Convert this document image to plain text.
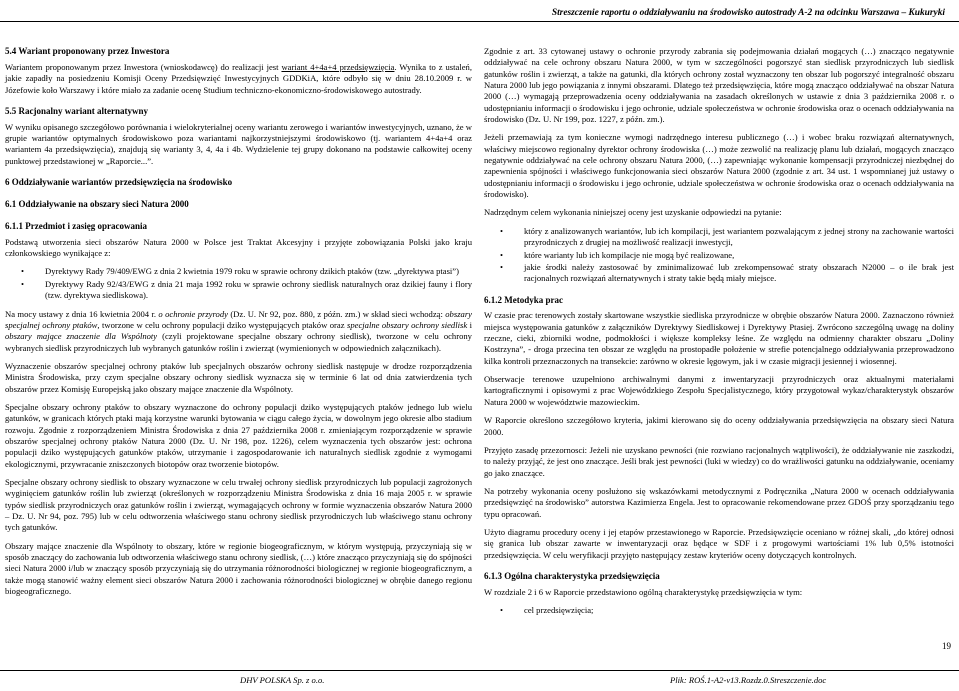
Streszczenie raportu o oddziaływaniu na środowisko autostrady A-2 na odcinku Warszawa – Kukuryki
5.4 Wariant proponowany przez Inwestora

Wariantem proponowanym przez Inwestora (wnioskodawcę) do realizacji jest wariant 4+4a+4 przedsięwzięcia. Wynika to z ustaleń, jakie zapadły na posiedzeniu Komisji Oceny Przedsięwzięć Inwestycyjnych GDDKiA, które odbyło się w dniu 28.10.2009 r. w Józefowie koło Warszawy i które miało za zadanie ocenę Studium techniczno-ekonomiczno-środowiskowego autostrady.

5.5 Racjonalny wariant alternatywny

W wyniku opisanego szczegółowo porównania i wielokryterialnej oceny wariantu zerowego i wariantów inwestycyjnych, uznano, że w grupie wariantów optymalnych środowiskowo poza wariantami najkorzystniejszymi środowiskowo (tj. wariantem 4+4a+4 oraz wariantem 4a przedsięwzięcia), znajdują się warianty 3, 4, 4a i 4b. Wydzielenie tej grupy dokonano na podstawie całkowitej oceny punktowej przedstawionej w „Raporcie...”.

6 Oddziaływanie wariantów przedsięwzięcia na środowisko
6.1 Oddziaływanie na obszary sieci Natura 2000
6.1.1 Przedmiot i zasięg opracowania

Podstawą utworzenia sieci obszarów Natura 2000 w Polsce jest Traktat Akcesyjny i przyjęte zobowiązania Polski jako kraju członkowskiego wynikające z:

• Dyrektywy Rady 79/409/EWG z dnia 2 kwietnia 1979 roku w sprawie ochrony dzikich ptaków (tzw. „dyrektywa ptasi”)
• Dyrektywy Rady 92/43/EWG z dnia 21 maja 1992 roku w sprawie ochrony siedlisk naturalnych oraz dzikiej fauny i flory (tzw. dyrektywa siedliskowa).

Na mocy ustawy z dnia 16 kwietnia 2004 r. o ochronie przyrody (Dz. U. Nr 92, poz. 880, z późn. zm.) w skład sieci wchodzą: obszary specjalnej ochrony ptaków, tworzone w celu ochrony populacji dziko występujących ptaków oraz specjalne obszary ochrony siedlisk i obszary mające znaczenie dla Wspólnoty (czyli projektowane specjalne obszary ochrony siedlisk), tworzone w celu ochrony wybranych siedlisk przyrodniczych lub wybranych gatunków roślin i zwierząt (wymienionych w odpowiednich załącznikach).

Wyznaczenie obszarów specjalnej ochrony ptaków lub specjalnych obszarów ochrony siedlisk następuje w drodze rozporządzenia Ministra Środowiska, przy czym specjalne obszary ochrony siedlisk wyznacza się w terminie 6 lat od dnia zatwierdzenia tych obszarów przez Komisję Europejską jako obszary mające znaczenie dla Wspólnoty.

Specjalne obszary ochrony ptaków to obszary wyznaczone do ochrony populacji dziko występujących ptaków jednego lub wielu gatunków, w granicach których ptaki mają korzystne warunki bytowania w ciągu całego życia, w dowolnym jego okresie albo stadium rozwoju. Zgodnie z rozporządzeniem Ministra Środowiska z dnia 27 października 2008 r. zmieniającym rozporządzenie w sprawie obszarów specjalnej ochrony ptaków Natura 2000 (Dz. U. Nr 198, poz. 1226), celem wyznaczenia tych obszarów jest: ochrona populacji dziko występujących gatunków ptaków, utrzymanie i zagospodarowanie ich naturalnych siedlisk zgodnie z wymogami ekologicznymi, przywracanie zniszczonych biotopów oraz tworzenie biotopów.

Specjalne obszary ochrony siedlisk to obszary wyznaczone w celu trwałej ochrony siedlisk przyrodniczych lub populacji zagrożonych wyginięciem gatunków roślin lub zwierząt (określonych w rozporządzeniu Ministra Środowiska z dnia 16 maja 2005 r. w sprawie typów siedlisk przyrodniczych oraz gatunków roślin i zwierząt, wymagających ochrony w formie wyznaczenia obszarów Natura 2000 – Dz. U. Nr 94, poz. 795) lub w celu odtworzenia właściwego stanu ochrony siedlisk przyrodniczych lub właściwego stanu ochrony tych gatunków.

Obszary mające znaczenie dla Wspólnoty to obszary, które w regionie biogeograficznym, w którym występują, przyczyniają się w sposób znaczący do zachowania lub odtworzenia właściwego stanu ochrony siedlisk, (…) które znacząco przyczyniają się do spójności sieci Natura 2000 i/lub w znaczący sposób przyczyniają się do utrzymania różnorodności biologicznej w regionie biogeograficznym, a także mogą stanowić ważny element sieci obszarów Natura 2000 i zachowania różnorodności biologicznej w obrębie danego regionu biogeograficznego.

Zgodnie z art. 33 cytowanej ustawy o ochronie przyrody zabrania się podejmowania działań mogących (…) znacząco negatywnie oddziaływać na cele ochrony obszaru Natura 2000, w tym w szczególności pogorszyć stan siedlisk przyrodniczych lub siedlisk gatunków roślin i zwierząt, a także na gatunki, dla których ochrony został wyznaczony ten obszar lub pogorszyć integralność obszaru Natura 2000 lub jego powiązania z innymi obszarami. Dlatego też przedsięwzięcia, które mogą znacząco oddziaływać na obszar Natura 2000 (…) wymagają przeprowadzenia oceny oddziaływania na zasadach określonych w ustawie z dnia 3 października 2008 r. o udostępnianiu informacji o środowisku i jego ochronie, udziale społeczeństwa w ochronie środowiska oraz o ocenach oddziaływania na środowisko (Dz. U. Nr 199, poz. 1227, z późn. zm.).

Jeżeli przemawiają za tym konieczne wymogi nadrzędnego interesu publicznego (…) i wobec braku rozwiązań alternatywnych, właściwy miejscowo regionalny dyrektor ochrony środowiska (…) może zezwolić na realizację planu lub działań, mogących znacząco negatywnie oddziaływać na cele ochrony obszaru Natura 2000, (…) zapewniając wykonanie kompensacji przyrodniczej niezbędnej do zapewnienia spójności i właściwego funkcjonowania sieci obszarów Natura 2000 (zgodnie z art. 34 ust. 1 wspomnianej już ustawy o udostępnianiu informacji o środowisku i jego ochronie, udziale społeczeństwa w ochronie środowiska oraz o ocenach oddziaływania na środowisko).

Nadrzędnym celem wykonania niniejszej oceny jest uzyskanie odpowiedzi na pytanie:

• który z analizowanych wariantów, lub ich kompilacji, jest wariantem pozwalającym z jednej strony na zachowanie wartości przyrodniczych z drugiej na możliwość realizacji inwestycji,
• które warianty lub ich kompilacje nie mogą być realizowane,
• jakie środki należy zastosować by zminimalizować lub zrekompensować straty obszarach N2000 – o ile brak jest racjonalnych rozwiązań alternatywnych i straty takie będą miały miejsce.
6.1.2 Metodyka prac

W czasie prac terenowych zostały skartowane wszystkie siedliska przyrodnicze w obrębie obszarów Natura 2000. Zaznaczono również miejsca występowania gatunków z załączników Dyrektywy Siedliskowej i Dyrektywy Ptasiej. Zwrócono szczególną uwagę na doliny rzeczne, cieki, zbiorniki wodne, podmokłości i większe kompleksy leśne. Ze względu na odmienny charakter obszaru „Doliny Kostrzyna”, - droga przecina ten obszar ze względu na prostopadłe położenie w strefie potencjalnego oddziaływania przeprowadzono kilka kontroli przeznaczonych na transekcie: zarówno w okresie lęgowym, jak i w czasie migracji jesiennej i wiosennej.

Obserwacje terenowe uzupełniono archiwalnymi danymi z inwentaryzacji przyrodniczych oraz aktualnymi materiałami kartograficznymi i opisowymi z prac Wojewódzkiego Zespołu Specjalistycznego, który przygotował wykaz/charakterystyk obszarów Natura 2000 w województwie mazowieckim.

W Raporcie określono szczegółowo kryteria, jakimi kierowano się do oceny oddziaływania przedsięwzięcia na obszary sieci Natura 2000.

Przyjęto zasadę przezornosci: Jeżeli nie uzyskano pewności (nie rozwiano racjonalnych wątpliwości), że oddziaływanie nie zaszkodzi, to należy przyjąć, że jest ono znaczące. Jeśli brak jest pewności (luki w wiedzy) co do wrażliwości gatunku na oddziaływanie, oceniamy go jako znaczące.

Na potrzeby wykonania oceny posłużono się wskazówkami metodycznymi z Podręcznika „Natura 2000 w ocenach oddziaływania przedsięwzięć na środowisko” autorstwa Kazimierza Engela. Jest to opracowanie rekomendowane przez GDOŚ przy sporządzaniu tego typu opracowań.

Użyto diagramu procedury oceny i jej etapów przestawionego w Raporcie. Przedsięwzięcie oceniano w różnej skali, „do której odnosi się granica lub obszar zawarte w inwentaryzacji oraz będące w SDF i z progowymi wartościami 1% lub 0,5% istotności przedsięwzięcia. W celu weryfikacji przyjęto następujący zestaw kryteriów oceny dotyczących kontrolnych.

6.1.3 Ogólna charakterystyka przedsięwzięcia

W rozdziale 2 i 6 w Raporcie przedstawiono ogólną charakterystykę przedsięwzięcia w tym:

• cel przedsięwzięcia;
19
DHV POLSKA Sp. z o.o.	Plik: ROŚ.1-A2-v13.Rozdz.0.Streszczenie.doc
